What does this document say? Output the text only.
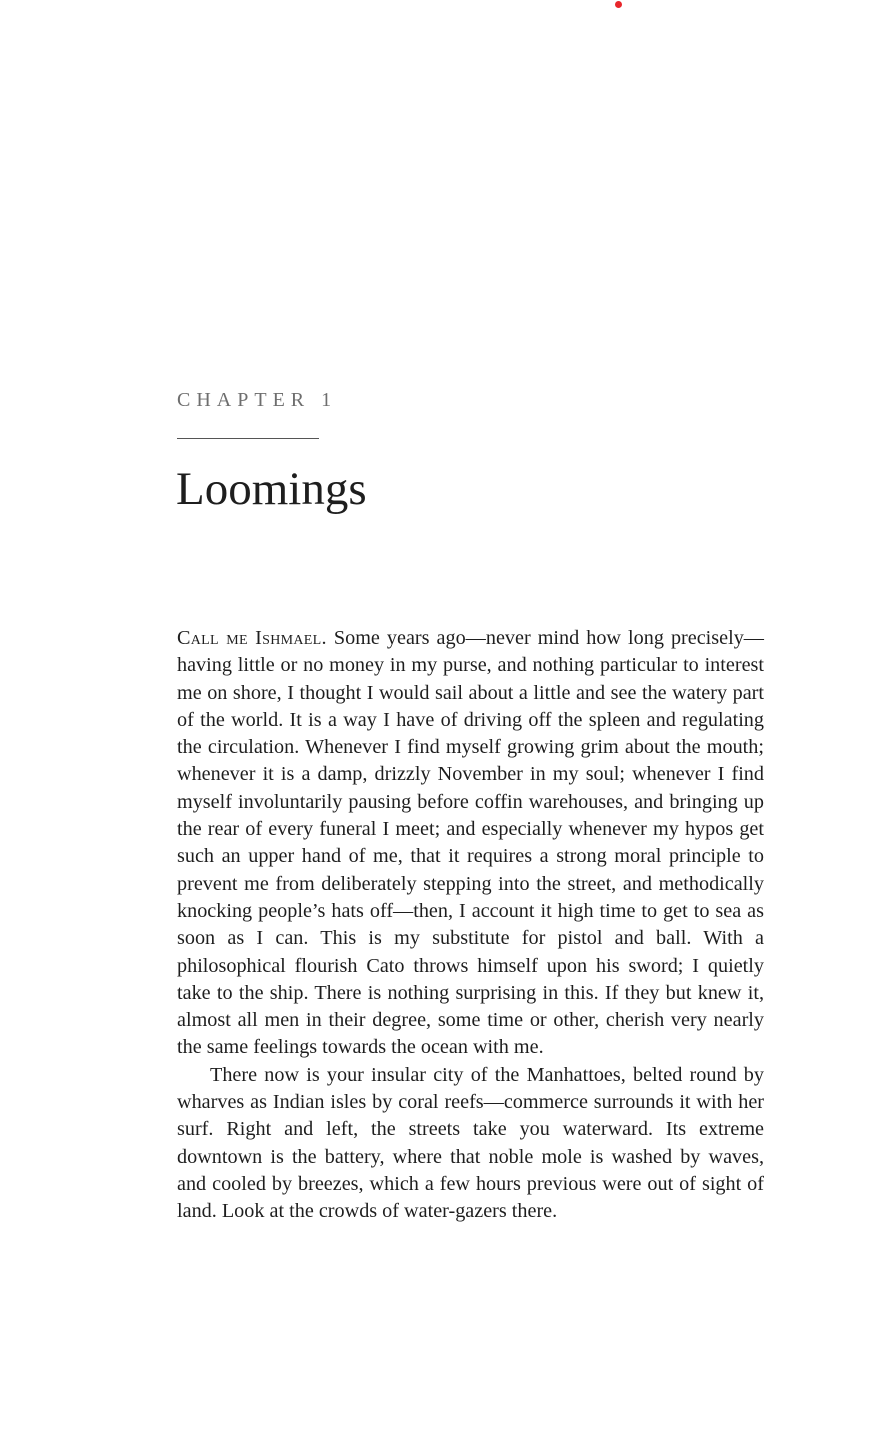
CHAPTER 1
Loomings

Call me Ishmael. Some years ago—never mind how long precisely—having little or no money in my purse, and nothing particular to interest me on shore, I thought I would sail about a little and see the watery part of the world. It is a way I have of driving off the spleen and regulating the circulation. Whenever I find myself growing grim about the mouth; whenever it is a damp, drizzly November in my soul; whenever I find myself involuntarily pausing before coffin warehouses, and bringing up the rear of every funeral I meet; and especially whenever my hypos get such an upper hand of me, that it requires a strong moral principle to prevent me from deliberately stepping into the street, and methodically knocking people’s hats off—then, I account it high time to get to sea as soon as I can. This is my substitute for pistol and ball. With a philosophical flourish Cato throws himself upon his sword; I quietly take to the ship. There is nothing surprising in this. If they but knew it, almost all men in their degree, some time or other, cherish very nearly the same feelings towards the ocean with me.

There now is your insular city of the Manhattoes, belted round by wharves as Indian isles by coral reefs—commerce surrounds it with her surf. Right and left, the streets take you waterward. Its extreme downtown is the battery, where that noble mole is washed by waves, and cooled by breezes, which a few hours previous were out of sight of land. Look at the crowds of water-gazers there.
